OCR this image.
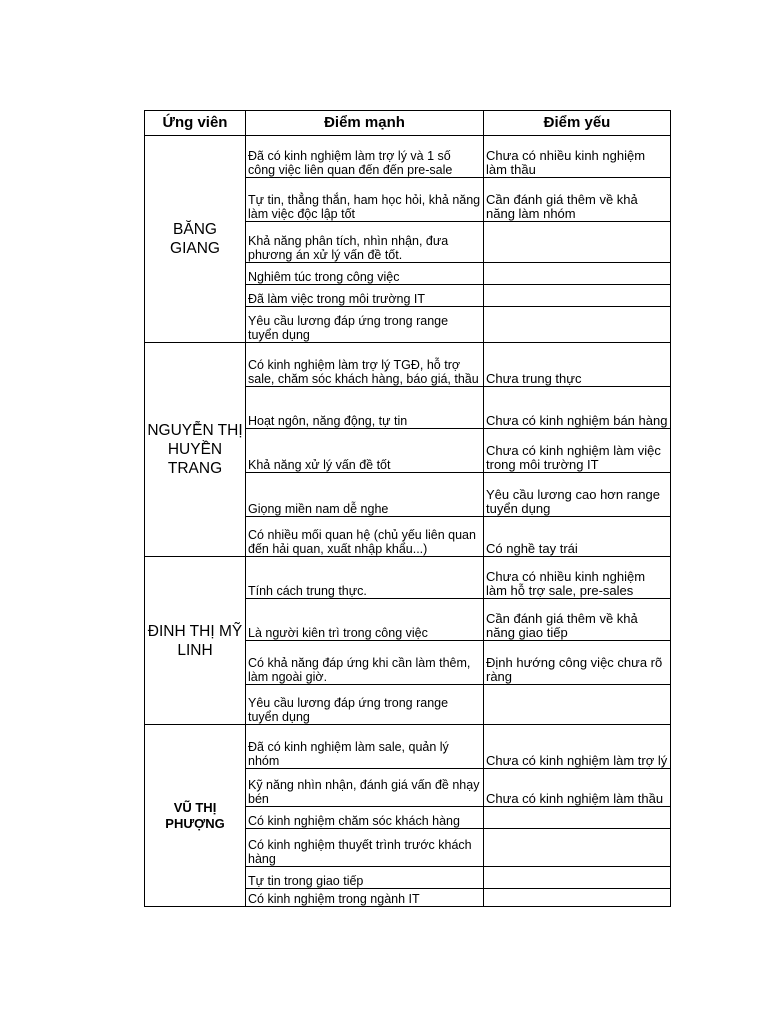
Ứng viên	Điểm mạnh	Điểm yếu
BĂNG GIANG	Đã có kinh nghiệm làm trợ lý và 1 số công việc liên quan đến đến pre-sale	Chưa có nhiều kinh nghiệm làm thầu
	Tự tin, thẳng thắn, ham học hỏi, khả năng làm việc độc lập tốt	Cần đánh giá thêm về khả năng làm nhóm
	Khả năng phân tích, nhìn nhận, đưa phương án xử lý vấn đề tốt.	
	Nghiêm túc trong công việc	
	Đã làm việc trong môi trường IT	
	Yêu cầu lương đáp ứng trong range tuyển dụng	
NGUYỄN THỊ HUYỀN TRANG	Có kinh nghiệm làm trợ lý TGĐ, hỗ trợ sale, chăm sóc khách hàng, báo giá, thầu	Chưa trung thực
	Hoạt ngôn, năng động, tự tin	Chưa có kinh nghiệm bán hàng
	Khả năng xử lý vấn đề tốt	Chưa có kinh nghiệm làm việc trong môi trường IT
	Giọng miền nam dễ nghe	Yêu cầu lương cao hơn range tuyển dụng
	Có nhiều mối quan hệ (chủ yếu liên quan đến hải quan, xuất nhập khẩu...)	Có nghề tay trái
ĐINH THỊ MỸ LINH	Tính cách trung thực.	Chưa có nhiều kinh nghiệm làm hỗ trợ sale, pre-sales
	Là người kiên trì trong công việc	Cần đánh giá thêm về khả năng giao tiếp
	Có khả năng đáp ứng khi cần làm thêm, làm ngoài giờ.	Định hướng công việc chưa rõ ràng
	Yêu cầu lương đáp ứng trong range tuyển dụng	
VŨ THỊ PHƯỢNG	Đã có kinh nghiệm làm sale, quản lý nhóm	Chưa có kinh nghiệm làm trợ lý
	Kỹ năng nhìn nhận, đánh giá vấn đề nhạy bén	Chưa có kinh nghiệm làm thầu
	Có kinh nghiệm chăm sóc khách hàng	
	Có kinh nghiệm thuyết trình trước khách hàng	
	Tự tin trong giao tiếp	
	Có kinh nghiệm trong ngành IT	
